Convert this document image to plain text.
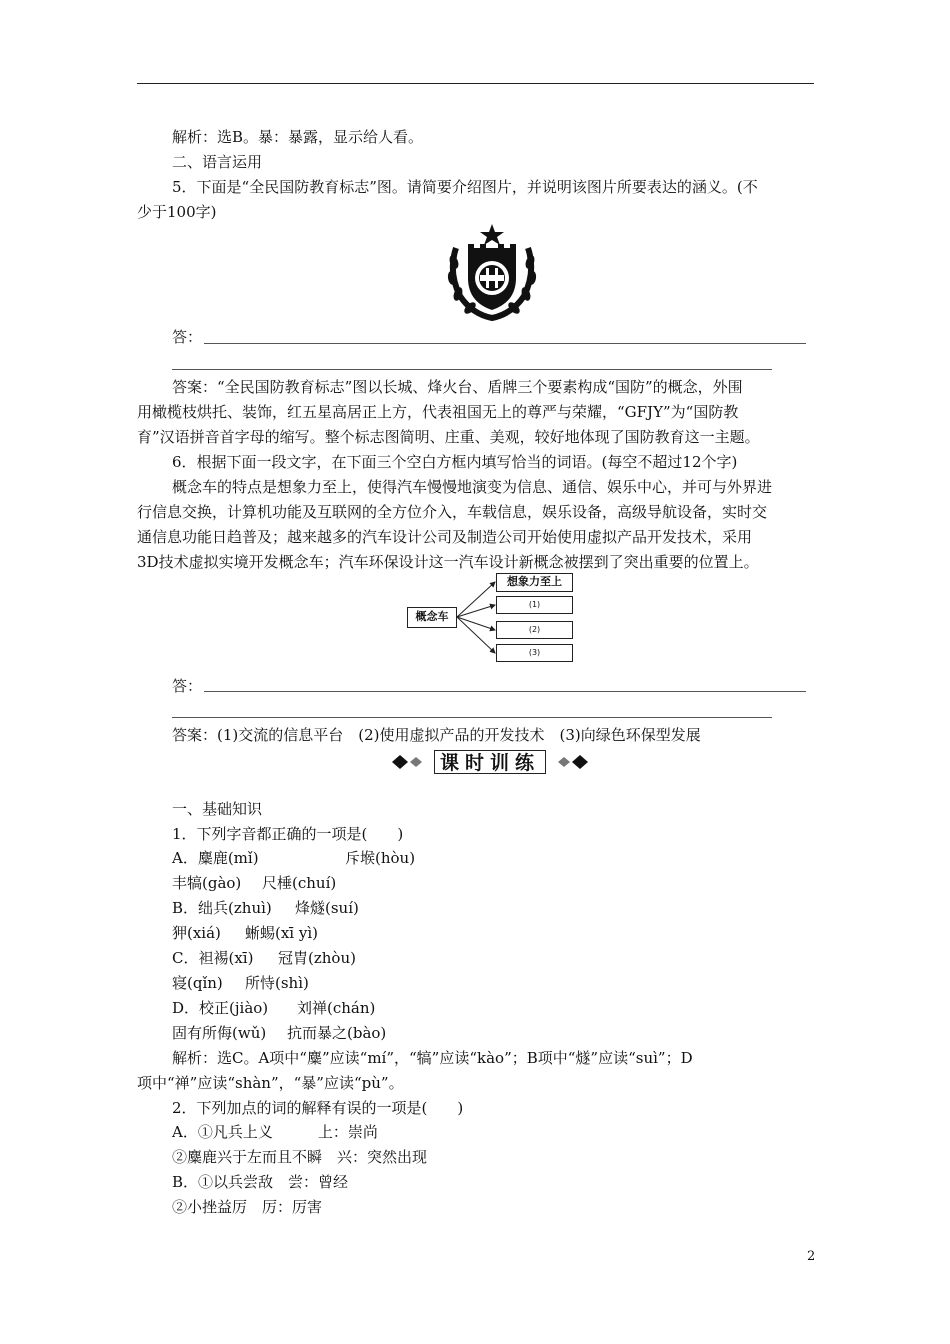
解析：选B。暴：暴露，显示给人看。
二、语言运用
5．下面是“全民国防教育标志”图。请简要介绍图片，并说明该图片所要表达的涵义。(不
少于100字)
答：
答案：“全民国防教育标志”图以长城、烽火台、盾牌三个要素构成“国防”的概念，外围
用橄榄枝烘托、装饰，红五星高居正上方，代表祖国无上的尊严与荣耀，“GFJY”为“国防教
育”汉语拼音首字母的缩写。整个标志图简明、庄重、美观，较好地体现了国防教育这一主题。
6．根据下面一段文字，在下面三个空白方框内填写恰当的词语。(每空不超过12个字)
概念车的特点是想象力至上，使得汽车慢慢地演变为信息、通信、娱乐中心，并可与外界进
行信息交换，计算机功能及互联网的全方位介入，车载信息，娱乐设备，高级导航设备，实时交
通信息功能日趋普及；越来越多的汽车设计公司及制造公司开始使用虚拟产品开发技术，采用
3D技术虚拟实境开发概念车；汽车环保设计这一汽车设计新概念被摆到了突出重要的位置上。
概念车
想象力至上
(1)
(2)
(3)
答：
答案：(1)交流的信息平台　(2)使用虚拟产品的开发技术　(3)向绿色环保型发展
课时训练
一、基础知识
1．下列字音都正确的一项是(　　)
A．麋鹿(mǐ)	斥堠(hòu)
丰犒(gào) 尺棰(chuí)
B．绌兵(zhuì) 烽燧(suí)
狎(xiá) 蜥蜴(xī yì)
C．袒裼(xī) 冠胄(zhòu)
寝(qǐn) 所恃(shì)
D．校正(jiào) 刘禅(chán)
固有所侮(wǔ) 抗而暴之(bào)
解析：选C。A项中“麋”应读“mí”，“犒”应读“kào”；B项中“燧”应读“suì”；D
项中“禅”应读“shàn”，“暴”应读“pù”。
2．下列加点的词的解释有误的一项是(　　)
A．①凡兵上义　　　上：崇尚
②麋鹿兴于左而且不瞬　兴：突然出现
B．①以兵尝敌　尝：曾经
②小挫益厉　厉：厉害
2
